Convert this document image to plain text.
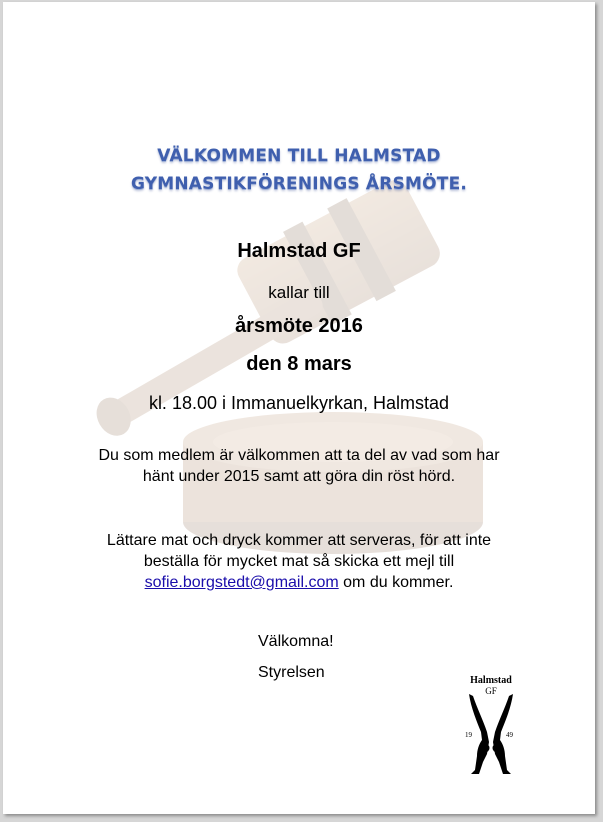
VÄLKOMMEN TILL HALMSTAD
GYMNASTIKFÖRENINGS ÅRSMÖTE.
Halmstad GF
kallar till
årsmöte 2016
den 8 mars
kl. 18.00 i Immanuelkyrkan, Halmstad
Du som medlem är välkommen att ta del av vad som har
hänt under 2015 samt att göra din röst hörd.
Lättare mat och dryck kommer att serveras, för att inte
beställa för mycket mat så skicka ett mejl till
sofie.borgstedt@gmail.com om du kommer.
Välkomna!
Styrelsen	Halmstad
GF
19	49
